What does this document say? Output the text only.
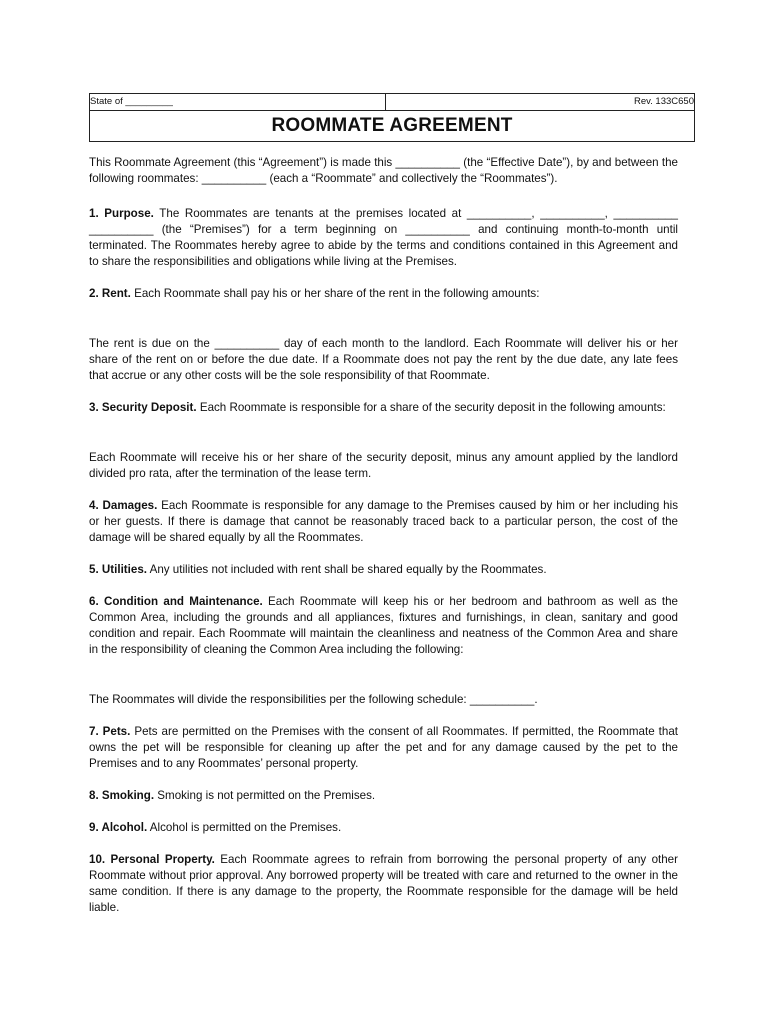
State of _________	Rev. 133C650
ROOMMATE AGREEMENT

This Roommate Agreement (this “Agreement”) is made this __________ (the “Effective Date”), by and between the following roommates: __________ (each a “Roommate” and collectively the “Roommates”).

1. Purpose. The Roommates are tenants at the premises located at __________, __________, __________ __________ (the “Premises”) for a term beginning on __________ and continuing month-to-month until terminated. The Roommates hereby agree to abide by the terms and conditions contained in this Agreement and to share the responsibilities and obligations while living at the Premises.

2. Rent. Each Roommate shall pay his or her share of the rent in the following amounts:

The rent is due on the __________ day of each month to the landlord. Each Roommate will deliver his or her share of the rent on or before the due date. If a Roommate does not pay the rent by the due date, any late fees that accrue or any other costs will be the sole responsibility of that Roommate.

3. Security Deposit. Each Roommate is responsible for a share of the security deposit in the following amounts:

Each Roommate will receive his or her share of the security deposit, minus any amount applied by the landlord divided pro rata, after the termination of the lease term.

4. Damages. Each Roommate is responsible for any damage to the Premises caused by him or her including his or her guests. If there is damage that cannot be reasonably traced back to a particular person, the cost of the damage will be shared equally by all the Roommates.

5. Utilities. Any utilities not included with rent shall be shared equally by the Roommates.

6. Condition and Maintenance. Each Roommate will keep his or her bedroom and bathroom as well as the Common Area, including the grounds and all appliances, fixtures and furnishings, in clean, sanitary and good condition and repair. Each Roommate will maintain the cleanliness and neatness of the Common Area and share in the responsibility of cleaning the Common Area including the following:

The Roommates will divide the responsibilities per the following schedule: __________.

7. Pets. Pets are permitted on the Premises with the consent of all Roommates. If permitted, the Roommate that owns the pet will be responsible for cleaning up after the pet and for any damage caused by the pet to the Premises and to any Roommates’ personal property.

8. Smoking. Smoking is not permitted on the Premises.

9. Alcohol. Alcohol is permitted on the Premises.

10. Personal Property. Each Roommate agrees to refrain from borrowing the personal property of any other Roommate without prior approval. Any borrowed property will be treated with care and returned to the owner in the same condition. If there is any damage to the property, the Roommate responsible for the damage will be held liable.
